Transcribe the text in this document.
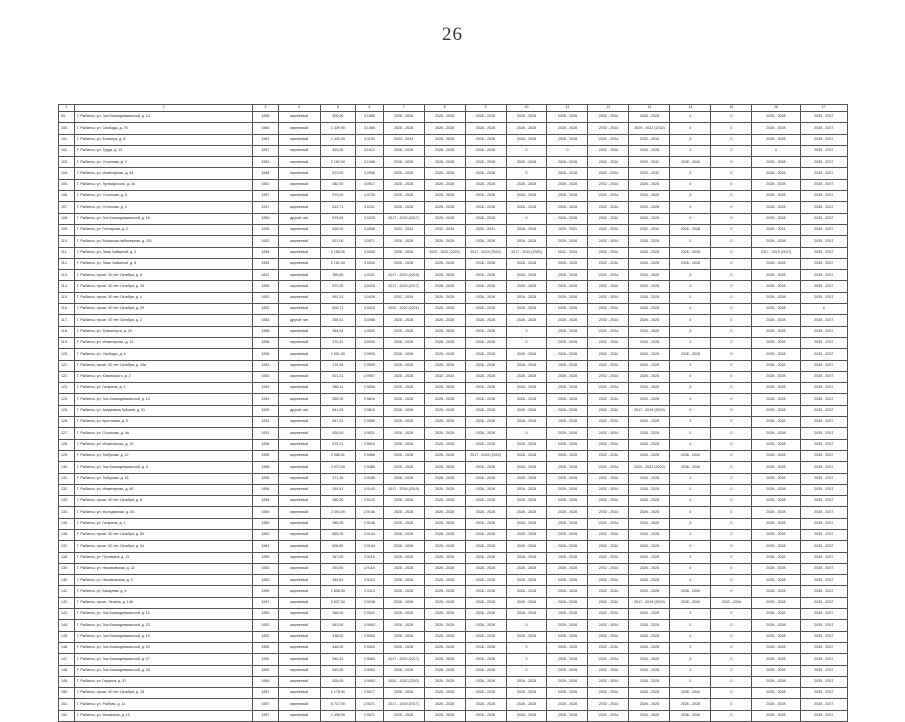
26
1	2	3	4	5	6	7	8	9	10	11	12	13	14	15	16	17
99.	Г. Рыбинск, ул. Зои Космодемьянской, д. 13	1955	кирпичный	900,06	3,1465	2026 - 2028	2026 - 2028	2026 - 2028	2026 - 2028	2026 - 2028	2032 - 2034	2026 - 2028	0	0	2026 - 2028	2035 - 2037
100.	Г. Рыбинск, ул. Свободы, д. 76	1960	кирпичный	1 329,90	3,1465	2026 - 2028	2026 - 2028	2026 - 2028	2026 - 2028	2026 - 2028	2032 - 2034	2029 - 2032 (2032)	0	0	2026 - 2028	2035 - 2037
101.	Г. Рыбинск, ул. Блюхера, д. 8	1961	кирпичный	1 443,00	3,1193	2032 - 2034	2026 - 2028	2026 - 2028	2026 - 2028	2026 - 2028	2032 - 2034	2032 - 2034	0	0	2026 - 2028	2035 - 2037
102.	Г. Рыбинск, ул. Труда, д. 19	1957	кирпичный	493,00	3,1012	2026 - 2028	2026 - 2028	2026 - 2028	0	0	2032 - 2034	2026 - 2028	0	0	0	2035 - 2037
103.	Г. Рыбинск, ул. Стоялова, д. 2	1953	кирпичный	2 182,90	3,1008	2026 - 2028	2026 - 2028	2026 - 2028	2026 - 2028	2026 - 2028	2032 - 2034	2029 - 2032	2038 - 2040	0	2026 - 2028	2035 - 2037
104.	Г. Рыбинск, ул. Инженерная, д. 84	1948	кирпичный	873,00	3,0958	2026 - 2028	2026 - 2028	2026 - 2028	0	2026 - 2028	2032 - 2034	2029 - 2032	0	0	2026 - 2028	2035 - 2037
105.	Г. Рыбинск, ул. Луначарского, д. 34	1951	кирпичный	382,00	3,0917	2026 - 2028	2026 - 2028	2026 - 2028	2026 - 2028	2026 - 2028	2032 - 2034	2026 - 2028	0	0	2026 - 2028	2035 - 2037
106.	Г. Рыбинск, ул. Стоялова, д. 5	1957	кирпичный	579,00	3,0733	2026 - 2028	2026 - 2028	2026 - 2028	2026 - 2028	2026 - 2028	2032 - 2034	2026 - 2028	0	0	2026 - 2028	2035 - 2037
107.	Г. Рыбинск, ул. Стоялова, д. 3	1947	кирпичный	512,71	3,0331	2026 - 2028	2026 - 2028	2026 - 2028	2026 - 2028	2026 - 2028	2032 - 2034	2026 - 2028	0	0	2026 - 2028	2035 - 2037
108.	Г. Рыбинск, ул. Зои Космодемьянской, д. 16	1950	другой тип	875,64	3,0225	2017 - 2019 (2017)	2026 - 2028	2026 - 2028	0	2026 - 2028	2032 - 2034	2026 - 2028	0	0	2026 - 2028	2035 - 2037
109.	Г. Рыбинск, ул. Гончарова, д. 2	1939	кирпичный	639,20	3,0008	2032 - 2034	2032 - 2034	2029 - 2031	2026 - 2028	2029 - 2031	2032 - 2034	2032 - 2034	2026 - 2028	0	2029 - 2031	2035 - 2037
110.	Г. Рыбинск, ул. Волжская набережная, д. 151	1922	кирпичный	921,00	3,0071	2026 - 2028	2026 - 2028	2026 - 2028	2026 - 2028	2026 - 2028	2032 - 2034	2026 - 2028	0	0	2026 - 2028	2035 - 2037
111.	Г. Рыбинск, ул. Лизы Чайкиной, д. 3	1954	кирпичный	2 166,00	3,0000	2026 - 2028	2020 - 2022 (2020)	2017 - 2019 (2020)	2017 - 2019 (2020)	2032 - 2034	2032 - 2034	2026 - 2028	2026 - 2028	0	2017 - 2019 (2017)	2035 - 2037
112.	Г. Рыбинск, ул. Лизы Чайкиной, д. 5	1954	кирпичный	2 161,00	3,0000	2026 - 2028	2026 - 2028	2026 - 2028	2026 - 2028	2026 - 2028	2032 - 2034	2026 - 2028	2026 - 2028	0	2026 - 2028	2035 - 2037
113.	Г. Рыбинск, просп. 50 лет Октября, д. 6	1812	кирпичный	395,60	3,0431	2017 - 2019 (2019)	2026 - 2028	2026 - 2028	2026 - 2028	2026 - 2028	2032 - 2034	2026 - 2028	0	0	2026 - 2028	2035 - 2037
114.	Г. Рыбинск, просп. 50 лет Октября, д. 16	1955	кирпичный	672,00	3,0426	2017 - 2019 (2017)	2026 - 2028	2026 - 2028	2026 - 2028	2026 - 2028	2032 - 2034	2026 - 2028	0	0	2026 - 2028	2035 - 2037
115.	Г. Рыбинск, просп. 50 лет Октября, д. 4	1952	кирпичный	592,31	3,0426	2032 - 2034	2026 - 2028	2026 - 2028	2026 - 2028	2026 - 2028	2032 - 2034	2026 - 2028	0	0	2026 - 2028	2035 - 2037
116.	Г. Рыбинск, просп. 50 лет Октября, д. 2б	1952	кирпичный	600,71	3,0424	2020 - 2022 (2021)	2026 - 2028	2026 - 2028	2026 - 2028	2026 - 2028	2032 - 2034	2026 - 2028	0	0	2026 - 2028	0
117.	Г. Рыбинск, просп. 50 лет Октября, д. 2	1954	другой тип	355,61	3,0068	2026 - 2028	2026 - 2028	2026 - 2028	2026 - 2028	2026 - 2028	2032 - 2034	2026 - 2028	0	0	2026 - 2028	2035 - 2037
118.	Г. Рыбинск, ул. Транспорта, д. 20	1956	кирпичный	364,04	3,0000	2026 - 2028	2026 - 2028	2026 - 2028	0	2026 - 2028	2032 - 2034	2026 - 2028	0	0	2026 - 2028	2035 - 2037
119.	Г. Рыбинск, ул. Инженерная, д. 12	1956	кирпичный	370,31	3,0000	2026 - 2028	2026 - 2028	2026 - 2028	0	2026 - 2028	2032 - 2034	2026 - 2028	0	0	2026 - 2028	2035 - 2037
120.	Г. Рыбинск, ул. Свободы, д. 6	1955	кирпичный	1 901,00	2,9993	2026 - 2028	2026 - 2028	2026 - 2028	2026 - 2028	2026 - 2028	2032 - 2034	2026 - 2028	2026 - 2028	0	2026 - 2028	2035 - 2037
121.	Г. Рыбинск, просп. 50 лет Октября, д. 18а	1953	кирпичный	175,94	2,9993	2026 - 2028	2026 - 2028	2026 - 2028	2026 - 2028	2026 - 2028	2032 - 2034	2026 - 2028	0	0	2026 - 2028	2035 - 2037
122.	Г. Рыбинск, ул. Ювальского, д. 2	1953	кирпичный	521,21	2,9907	2026 - 2028	2032 - 2034	2026 - 2028	2026 - 2028	2026 - 2028	2032 - 2034	2026 - 2028	0	0	2026 - 2028	2035 - 2037
123.	Г. Рыбинск, ул. Гагарина, д. 2	1949	кирпичный	385,11	2,9834	2026 - 2028	2026 - 2028	2026 - 2028	2026 - 2028	2026 - 2028	2032 - 2034	2026 - 2028	0	0	2026 - 2028	2035 - 2037
124.	Г. Рыбинск, ул. Зои Космодемьянской, д. 13	1949	кирпичный	555,00	2,9816	2026 - 2028	2026 - 2028	2026 - 2028	2026 - 2028	2026 - 2028	2032 - 2034	2026 - 2028	0	0	2026 - 2028	2035 - 2037
125.	Г. Рыбинск, ул. Академика Губкина, д. 31	1939	другой тип	641,00	2,9815	2026 - 2028	2026 - 2028	2026 - 2028	2026 - 2028	2026 - 2028	2032 - 2034	2017 - 2019 (2019)	0	0	2026 - 2028	2035 - 2037
126.	Г. Рыбинск, ул. Крестовая, д. 5	1931	кирпичный	647,31	2,9586	2026 - 2028	2026 - 2028	2026 - 2028	2026 - 2028	2026 - 2028	2032 - 2034	2026 - 2028	0	0	2026 - 2028	2035 - 2037
127.	Г. Рыбинск, ул. Стоялова, д. 4а	1931	кирпичный	630,00	2,9521	2026 - 2028	2026 - 2028	2026 - 2028	0	2026 - 2028	2032 - 2034	2026 - 2028	0	0	2026 - 2028	2035 - 2037
128.	Г. Рыбинск, ул. Инженерная, д. 10	1958	кирпичный	679,21	2,9519	2026 - 2028	2026 - 2028	2026 - 2028	2026 - 2028	2026 - 2028	2032 - 2034	2026 - 2028	0	0	2026 - 2028	2035 - 2037
129.	Г. Рыбинск, ул. Тюбукова, д. 12	1955	кирпичный	2 086,51	2,9486	2026 - 2028	2026 - 2028	2017 - 2019 (2019)	2026 - 2028	2026 - 2028	2032 - 2034	2026 - 2028	2038 - 2040	0	2026 - 2028	2035 - 2037
130.	Г. Рыбинск, ул. Зои Космодемьянской, д. 5	1956	кирпичный	2 072,00	2,9485	2026 - 2028	2026 - 2028	2026 - 2028	2026 - 2028	2026 - 2028	2032 - 2034	2020 - 2022 (2020)	2038 - 2040	0	2026 - 2028	2035 - 2037
131.	Г. Рыбинск, ул. Тюбукова, д. 16	1955	кирпичный	371,35	2,9185	2026 - 2028	2026 - 2028	2026 - 2028	2026 - 2028	2026 - 2028	2032 - 2034	2026 - 2028	0	0	2026 - 2028	2035 - 2037
132.	Г. Рыбинск, ул. Инженерная, д. 60	1956	кирпичный	393,41	2,9143	2017 - 2019 (2019)	2026 - 2028	2026 - 2028	2026 - 2028	2026 - 2028	2032 - 2034	2026 - 2028	0	0	2026 - 2028	2035 - 2037
133.	Г. Рыбинск, просп. 50 лет Октября, д. 8	1954	кирпичный	380,00	2,9143	2026 - 2028	2026 - 2028	2026 - 2028	2026 - 2028	2026 - 2028	2032 - 2034	2026 - 2028	0	0	2026 - 2028	2035 - 2037
134.	Г. Рыбинск, ул. Молодежная, д. 5/1	1959	кирпичный	2 093,00	2,9146	2026 - 2028	2026 - 2028	2026 - 2028	2026 - 2028	2026 - 2028	2032 - 2034	2026 - 2028	0	0	2026 - 2028	2035 - 2037
135.	Г. Рыбинск, ул. Гагарина, д. 1	1950	кирпичный	385,00	2,9146	2026 - 2028	2026 - 2028	2026 - 2028	2026 - 2028	2026 - 2028	2032 - 2034	2026 - 2028	0	0	2026 - 2028	2035 - 2037
136.	Г. Рыбинск, просп. 50 лет Октября, д. 50	1962	кирпичный	655,00	2,9144	2026 - 2028	2026 - 2028	2026 - 2028	2026 - 2028	2026 - 2028	2032 - 2034	2026 - 2028	0	0	2026 - 2028	2035 - 2037
137.	Г. Рыбинск, просп. 50 лет Октября, д. 54	1961	кирпичный	808,80	2,9144	2026 - 2028	2026 - 2028	2026 - 2028	2026 - 2028	2026 - 2028	2032 - 2034	2026 - 2028	0	0	2026 - 2028	2035 - 2037
138.	Г. Рыбинск, ул. Пулемана, д. 15	1959	кирпичный	367,00	2,9116	2026 - 2028	2026 - 2028	2026 - 2028	2026 - 2028	2026 - 2028	2032 - 2034	2026 - 2028	0	0	2026 - 2028	2035 - 2037
139.	Г. Рыбинск, ул. Нахимовская, д. 32	1953	кирпичный	391,60	2,9116	2026 - 2028	2026 - 2028	2026 - 2028	2026 - 2028	2026 - 2028	2032 - 2034	2026 - 2028	0	0	2026 - 2028	2035 - 2037
140.	Г. Рыбинск, ул. Нахимовская, д. 5	1953	кирпичный	349,81	2,9113	2026 - 2028	2026 - 2028	2026 - 2028	2026 - 2028	2026 - 2028	2032 - 2034	2026 - 2028	0	0	2026 - 2028	2035 - 2037
141.	Г. Рыбинск, ул. Бахарева, д. 5	1959	кирпичный	1 808,00	2,9113	2026 - 2028	2026 - 2028	2026 - 2028	2026 - 2028	2026 - 2028	2032 - 2034	2026 - 2028	2038 - 2040	0	2026 - 2028	2035 - 2037
142.	Г. Рыбинск, просп. Ленина, д. 146	1947	кирпичный	2 637,00	2,9108	2026 - 2028	2026 - 2028	2026 - 2028	2026 - 2028	2026 - 2028	2032 - 2034	2017 - 2019 (2019)	2038 - 2040	2032 - 2034	2026 - 2028	2035 - 2037
143.	Г. Рыбинск, ул. Зои Космодемьянской, д. 15	1950	кирпичный	366,00	2,9022	2026 - 2028	2026 - 2028	2026 - 2028	2026 - 2028	2026 - 2028	2032 - 2034	2026 - 2028	0	0	2026 - 2028	2035 - 2037
144.	Г. Рыбинск, ул. Зои Космодемьянской, д. 23	1952	кирпичный	543,00	2,9063	2026 - 2028	2026 - 2028	2026 - 2028	0	2026 - 2028	2032 - 2034	2026 - 2028	0	0	2026 - 2028	2035 - 2037
145.	Г. Рыбинск, ул. Зои Космодемьянской, д. 19	1952	кирпичный	438,00	2,9063	2026 - 2028	2026 - 2028	2026 - 2028	2026 - 2028	2026 - 2028	2032 - 2034	2026 - 2028	0	0	2026 - 2028	2035 - 2037
146.	Г. Рыбинск, ул. Зои Космодемьянской, д. 20	1952	кирпичный	446,00	2,9063	2026 - 2028	2026 - 2028	2026 - 2028	0	2026 - 2028	2032 - 2034	2026 - 2028	0	0	2026 - 2028	2035 - 2037
147.	Г. Рыбинск, ул. Зои Космодемьянской, д. 27	1952	кирпичный	540,31	2,9063	2017 - 2019 (2017)	2026 - 2028	2026 - 2028	0	2026 - 2028	2032 - 2034	2026 - 2028	0	0	2026 - 2028	2035 - 2037
148.	Г. Рыбинск, ул. Зои Космодемьянской, д. 28	1952	кирпичный	540,00	2,9063	2026 - 2028	2026 - 2028	2026 - 2028	0	2026 - 2028	2032 - 2034	2026 - 2028	0	0	2026 - 2028	2035 - 2037
149.	Г. Рыбинск, ул. Герцена, д. 57	1950	кирпичный	835,00	2,9063	2020 - 2022 (2020)	2026 - 2028	2026 - 2028	2026 - 2028	2026 - 2028	2032 - 2034	2026 - 2028	0	0	2026 - 2028	2035 - 2037
150.	Г. Рыбинск, просп. 50 лет Октября, д. 18	1957	кирпичный	1 176,90	2,9077	2026 - 2028	2026 - 2028	2026 - 2028	2026 - 2028	2026 - 2028	2032 - 2034	2026 - 2028	2038 - 2040	0	2026 - 2028	2035 - 2037
151.	Г. Рыбинск, ул. Рыбная, д. 11	1957	кирпичный	6 717,00	2,9071	2017 - 2019 (2017)	2026 - 2028	2026 - 2028	2026 - 2028	2026 - 2028	2032 - 2034	2026 - 2028	2026 - 2028	0	2026 - 2028	2035 - 2037
152.	Г. Рыбинск, ул. Малинина, д. 15	1957	кирпичный	1 408,90	2,9072	2026 - 2028	2026 - 2028	2026 - 2028	2026 - 2028	2026 - 2028	2032 - 2034	2026 - 2028	2038 - 2040	0	2026 - 2028	2035 - 2037
